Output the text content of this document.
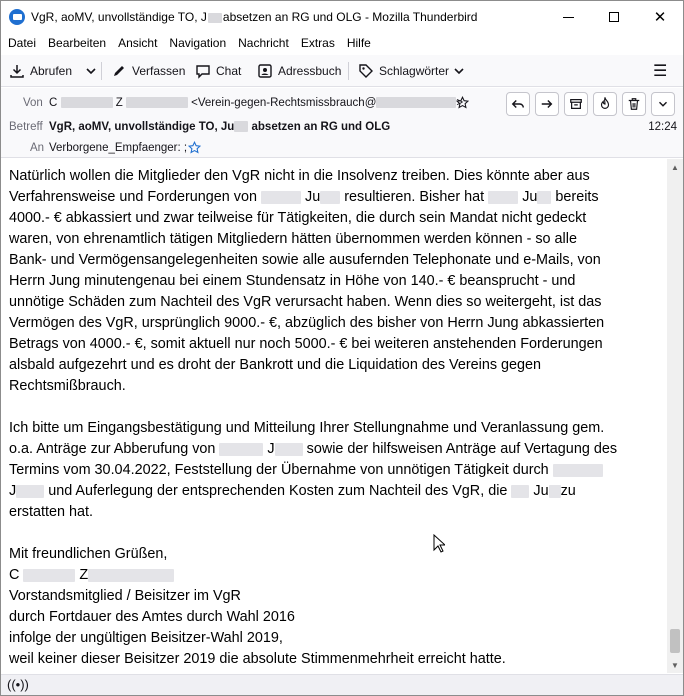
VgR, aoMV, unvollständige TO, J absetzen an RG und OLG - Mozilla Thunderbird	✕
Datei Bearbeiten Ansicht Navigation Nachricht Extras Hilfe
Abrufen	Verfassen	Chat	Adressbuch	Schlagwörter	☰
Von C	Z	<Verein-gegen-Rechtsmissbrauch@	>
Betreff VgR, aoMV, unvollständige TO, Ju absetzen an RG und OLG	12:24
An Verborgene_Empfaenger: ;

Natürlich wollen die Mitglieder den VgR nicht in die Insolvenz treiben. Dies könnte aber aus
Verfahrensweise und Forderungen von	Ju resultieren. Bisher hat	Ju bereits
4000.- € abkassiert und zwar teilweise für Tätigkeiten, die durch sein Mandat nicht gedeckt
waren, von ehrenamtlich tätigen Mitgliedern hätten übernommen werden können - so alle
Bank- und Vermögensangelegenheiten sowie alle ausufernden Telephonate und e-Mails, von
Herrn Jung minutengenau bei einem Stundensatz in Höhe von 140.- € beansprucht - und
unnötige Schäden zum Nachteil des VgR verursacht haben. Wenn dies so weitergeht, ist das
Vermögen des VgR, ursprünglich 9000.- €, abzüglich des bisher von Herrn Jung abkassierten
Betrags von 4000.- €, somit aktuell nur noch 5000.- € bei weiteren anstehenden Forderungen
alsbald aufgezehrt und es droht der Bankrott und die Liquidation des Vereins gegen
Rechtsmißbrauch.

Ich bitte um Eingangsbestätigung und Mitteilung Ihrer Stellungnahme und Veranlassung gem.
o.a. Anträge zur Abberufung von	J sowie der hilfsweisen Anträge auf Vertagung des
Termins vom 30.04.2022, Feststellung der Übernahme von unnötigen Tätigkeit durch
J und Auferlegung der entsprechenden Kosten zum Nachteil des VgR, die Ju zu
erstatten hat.

Mit freundlichen Grüßen,
C	Z
Vorstandsmitglied / Beisitzer im VgR
durch Fortdauer des Amtes durch Wahl 2016
infolge der ungültigen Beisitzer-Wahl 2019,
weil keiner dieser Beisitzer 2019 die absolute Stimmenmehrheit erreicht hatte.
▲
▼
((•))
